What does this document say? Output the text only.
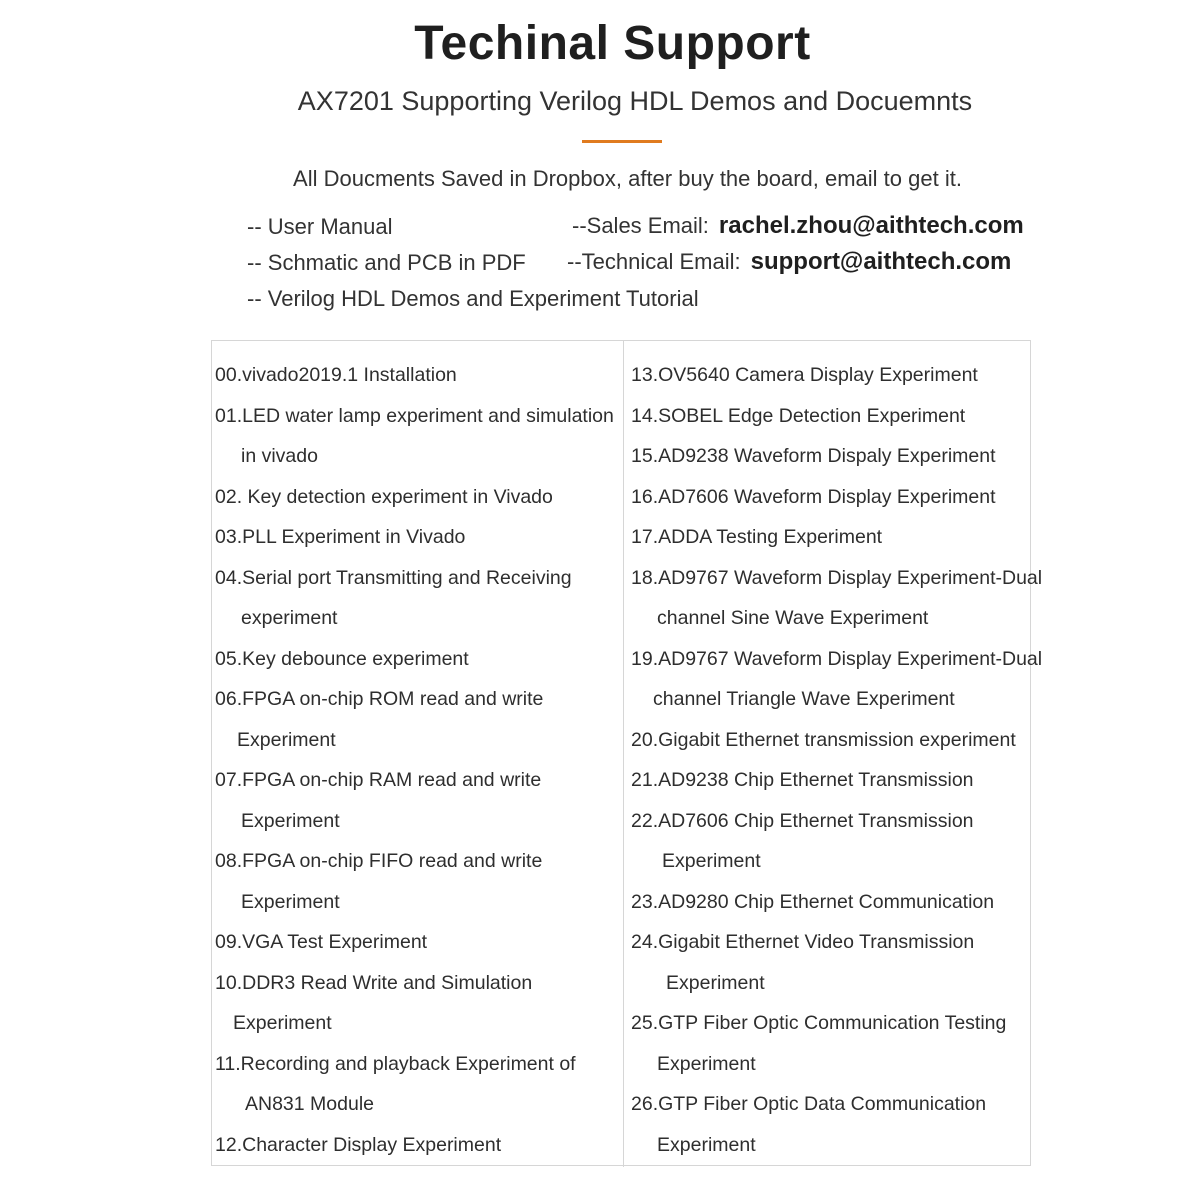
Techinal Support
AX7201 Supporting Verilog HDL Demos and Docuemnts
All Doucments Saved in Dropbox, after buy the board, email to get it.
-- User Manual
-- Schmatic and PCB in PDF
-- Verilog HDL Demos and Experiment Tutorial
--Sales Email: rachel.zhou@aithtech.com
--Technical Email: support@aithtech.com
00.vivado2019.1 Installation
01.LED water lamp experiment and simulation
in vivado
02. Key detection experiment in Vivado
03.PLL Experiment in Vivado
04.Serial port Transmitting and Receiving
experiment
05.Key debounce experiment
06.FPGA on-chip ROM read and write
Experiment
07.FPGA on-chip RAM read and write
Experiment
08.FPGA on-chip FIFO read and write
Experiment
09.VGA Test Experiment
10.DDR3 Read Write and Simulation
Experiment
11.Recording and playback Experiment of
AN831 Module
12.Character Display Experiment
13.OV5640 Camera Display Experiment
14.SOBEL Edge Detection Experiment
15.AD9238 Waveform Dispaly Experiment
16.AD7606 Waveform Display Experiment
17.ADDA Testing Experiment
18.AD9767 Waveform Display Experiment-Dual
channel Sine Wave Experiment
19.AD9767 Waveform Display Experiment-Dual
channel Triangle Wave Experiment
20.Gigabit Ethernet transmission experiment
21.AD9238 Chip Ethernet Transmission
22.AD7606 Chip Ethernet Transmission
Experiment
23.AD9280 Chip Ethernet Communication
24.Gigabit Ethernet Video Transmission
Experiment
25.GTP Fiber Optic Communication Testing
Experiment
26.GTP Fiber Optic Data Communication
Experiment
